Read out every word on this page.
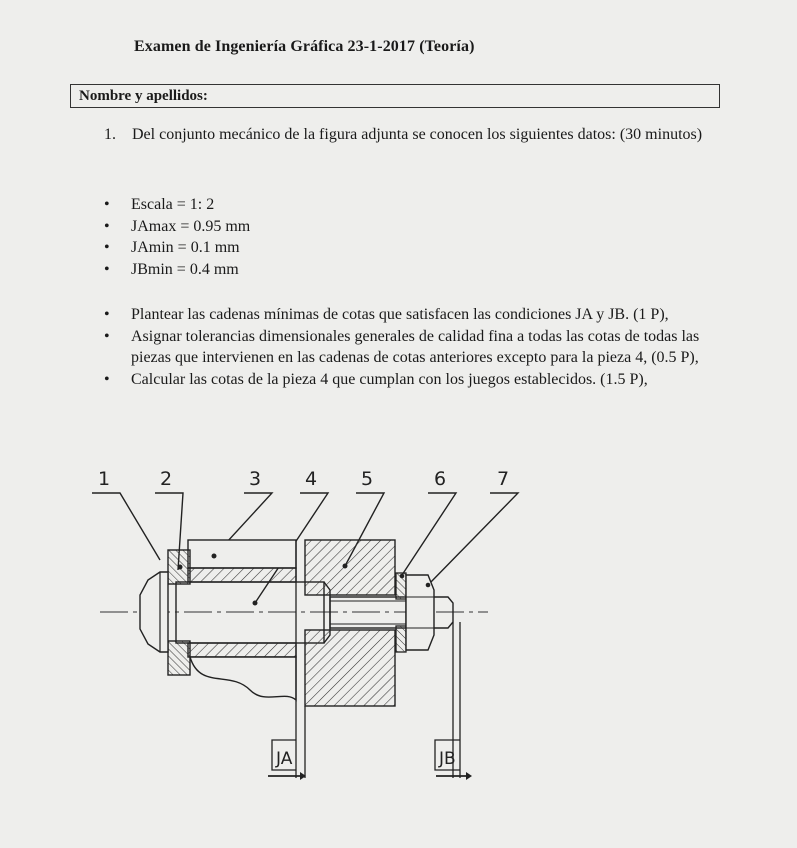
Examen de Ingeniería Gráfica 23-1-2017 (Teoría)
Nombre y apellidos:
1. Del conjunto mecánico de la figura adjunta se conocen los siguientes datos: (30 minutos)
• Escala = 1: 2
• JAmax = 0.95 mm
• JAmin = 0.1 mm
• JBmin = 0.4 mm
• Plantear las cadenas mínimas de cotas que satisfacen las condiciones JA y JB. (1 P),
• Asignar tolerancias dimensionales generales de calidad fina a todas las cotas de todas las piezas que intervienen en las cadenas de cotas anteriores excepto para la pieza 4, (0.5 P),
• Calcular las cotas de la pieza 4 que cumplan con los juegos establecidos. (1.5 P),
1	2	3 4 5	6	7
JA	JB
